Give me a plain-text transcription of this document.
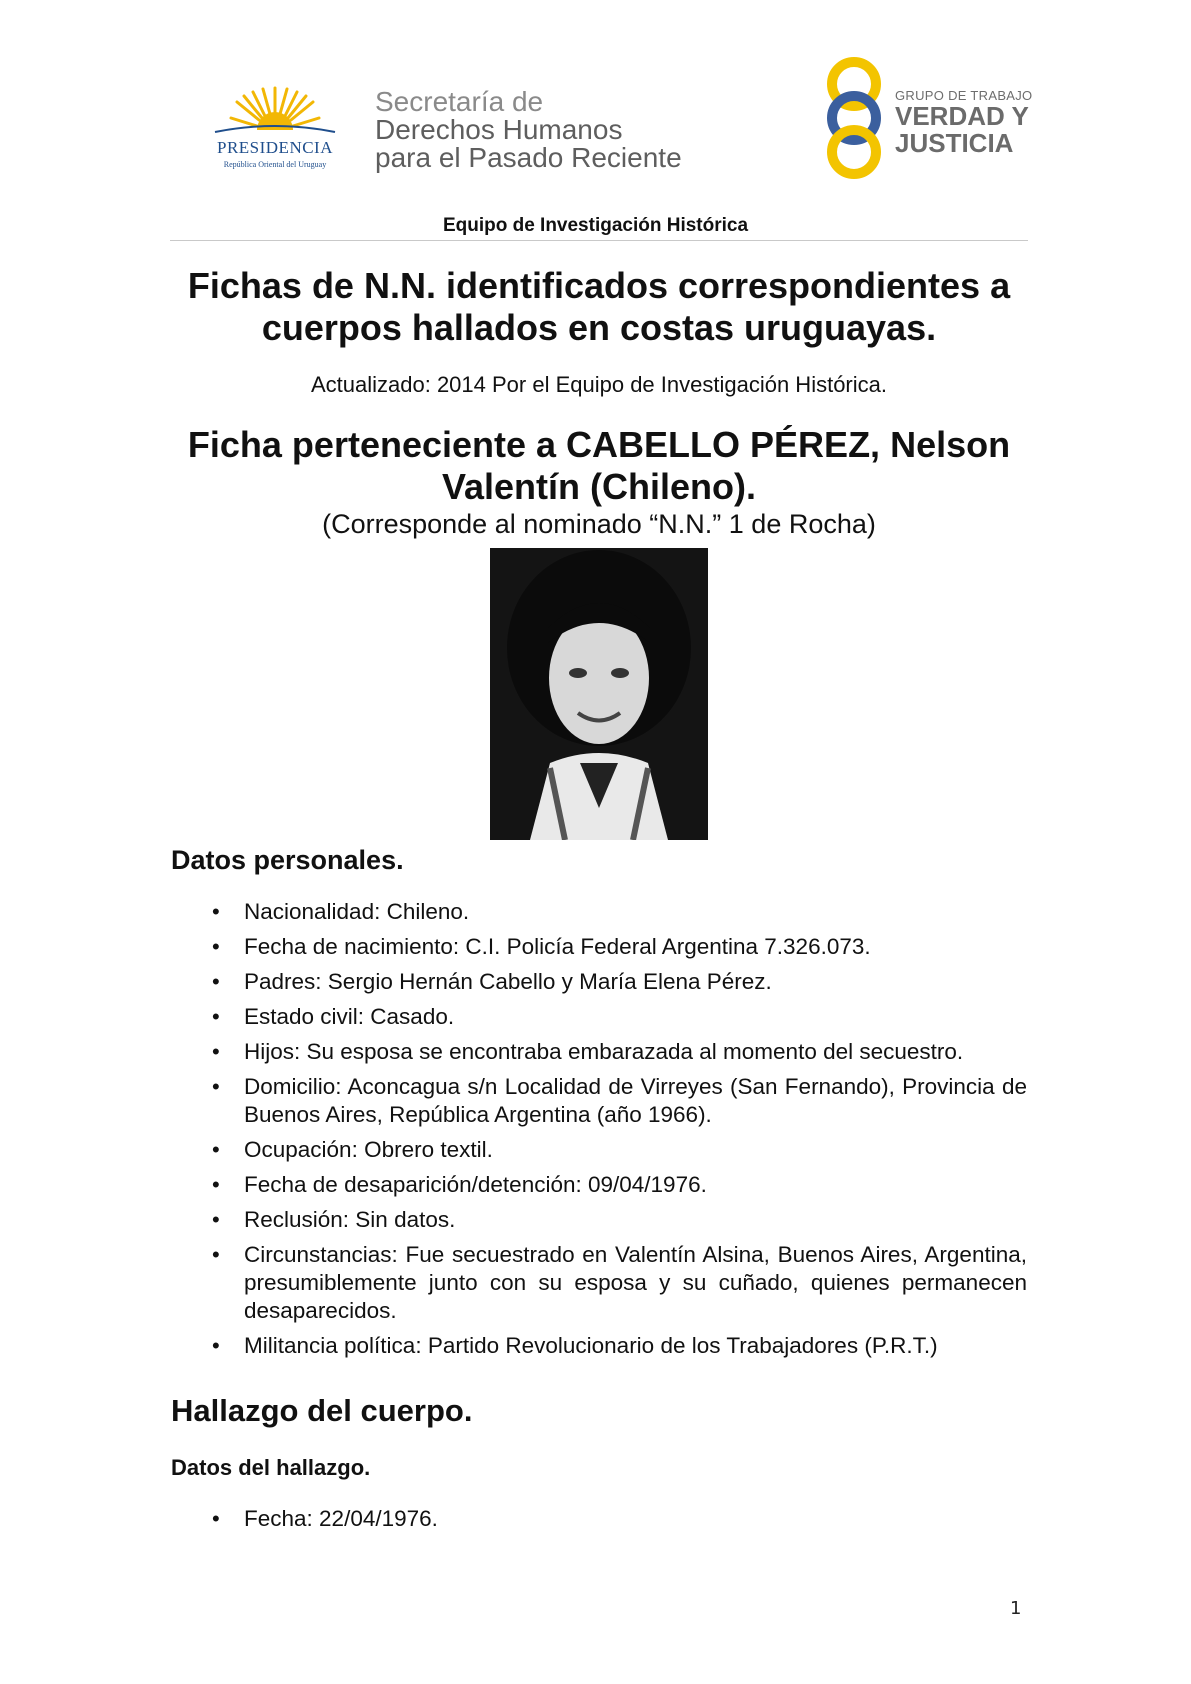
PRESIDENCIA
República Oriental del Uruguay
Secretaría de
Derechos Humanos
para el Pasado Reciente
GRUPO DE TRABAJO
VERDAD Y
JUSTICIA
Equipo de Investigación Histórica
Fichas de N.N. identificados correspondientes a cuerpos hallados en costas uruguayas.
Actualizado: 2014 Por el Equipo de Investigación Histórica.
Ficha perteneciente a CABELLO PÉREZ, Nelson Valentín (Chileno).
(Corresponde al nominado “N.N.” 1 de Rocha)
Datos personales.
• Nacionalidad: Chileno.
• Fecha de nacimiento: C.I. Policía Federal Argentina 7.326.073.
• Padres: Sergio Hernán Cabello y María Elena Pérez.
• Estado civil: Casado.
• Hijos: Su esposa se encontraba embarazada al momento del secuestro.
• Domicilio: Aconcagua s/n Localidad de Virreyes (San Fernando), Provincia de Buenos Aires, República Argentina (año 1966).
• Ocupación: Obrero textil.
• Fecha de desaparición/detención: 09/04/1976.
• Reclusión: Sin datos.
• Circunstancias: Fue secuestrado en Valentín Alsina, Buenos Aires, Argentina, presumiblemente junto con su esposa y su cuñado, quienes permanecen desaparecidos.
• Militancia política: Partido Revolucionario de los Trabajadores (P.R.T.)
Hallazgo del cuerpo.
Datos del hallazgo.
• Fecha: 22/04/1976.
1
